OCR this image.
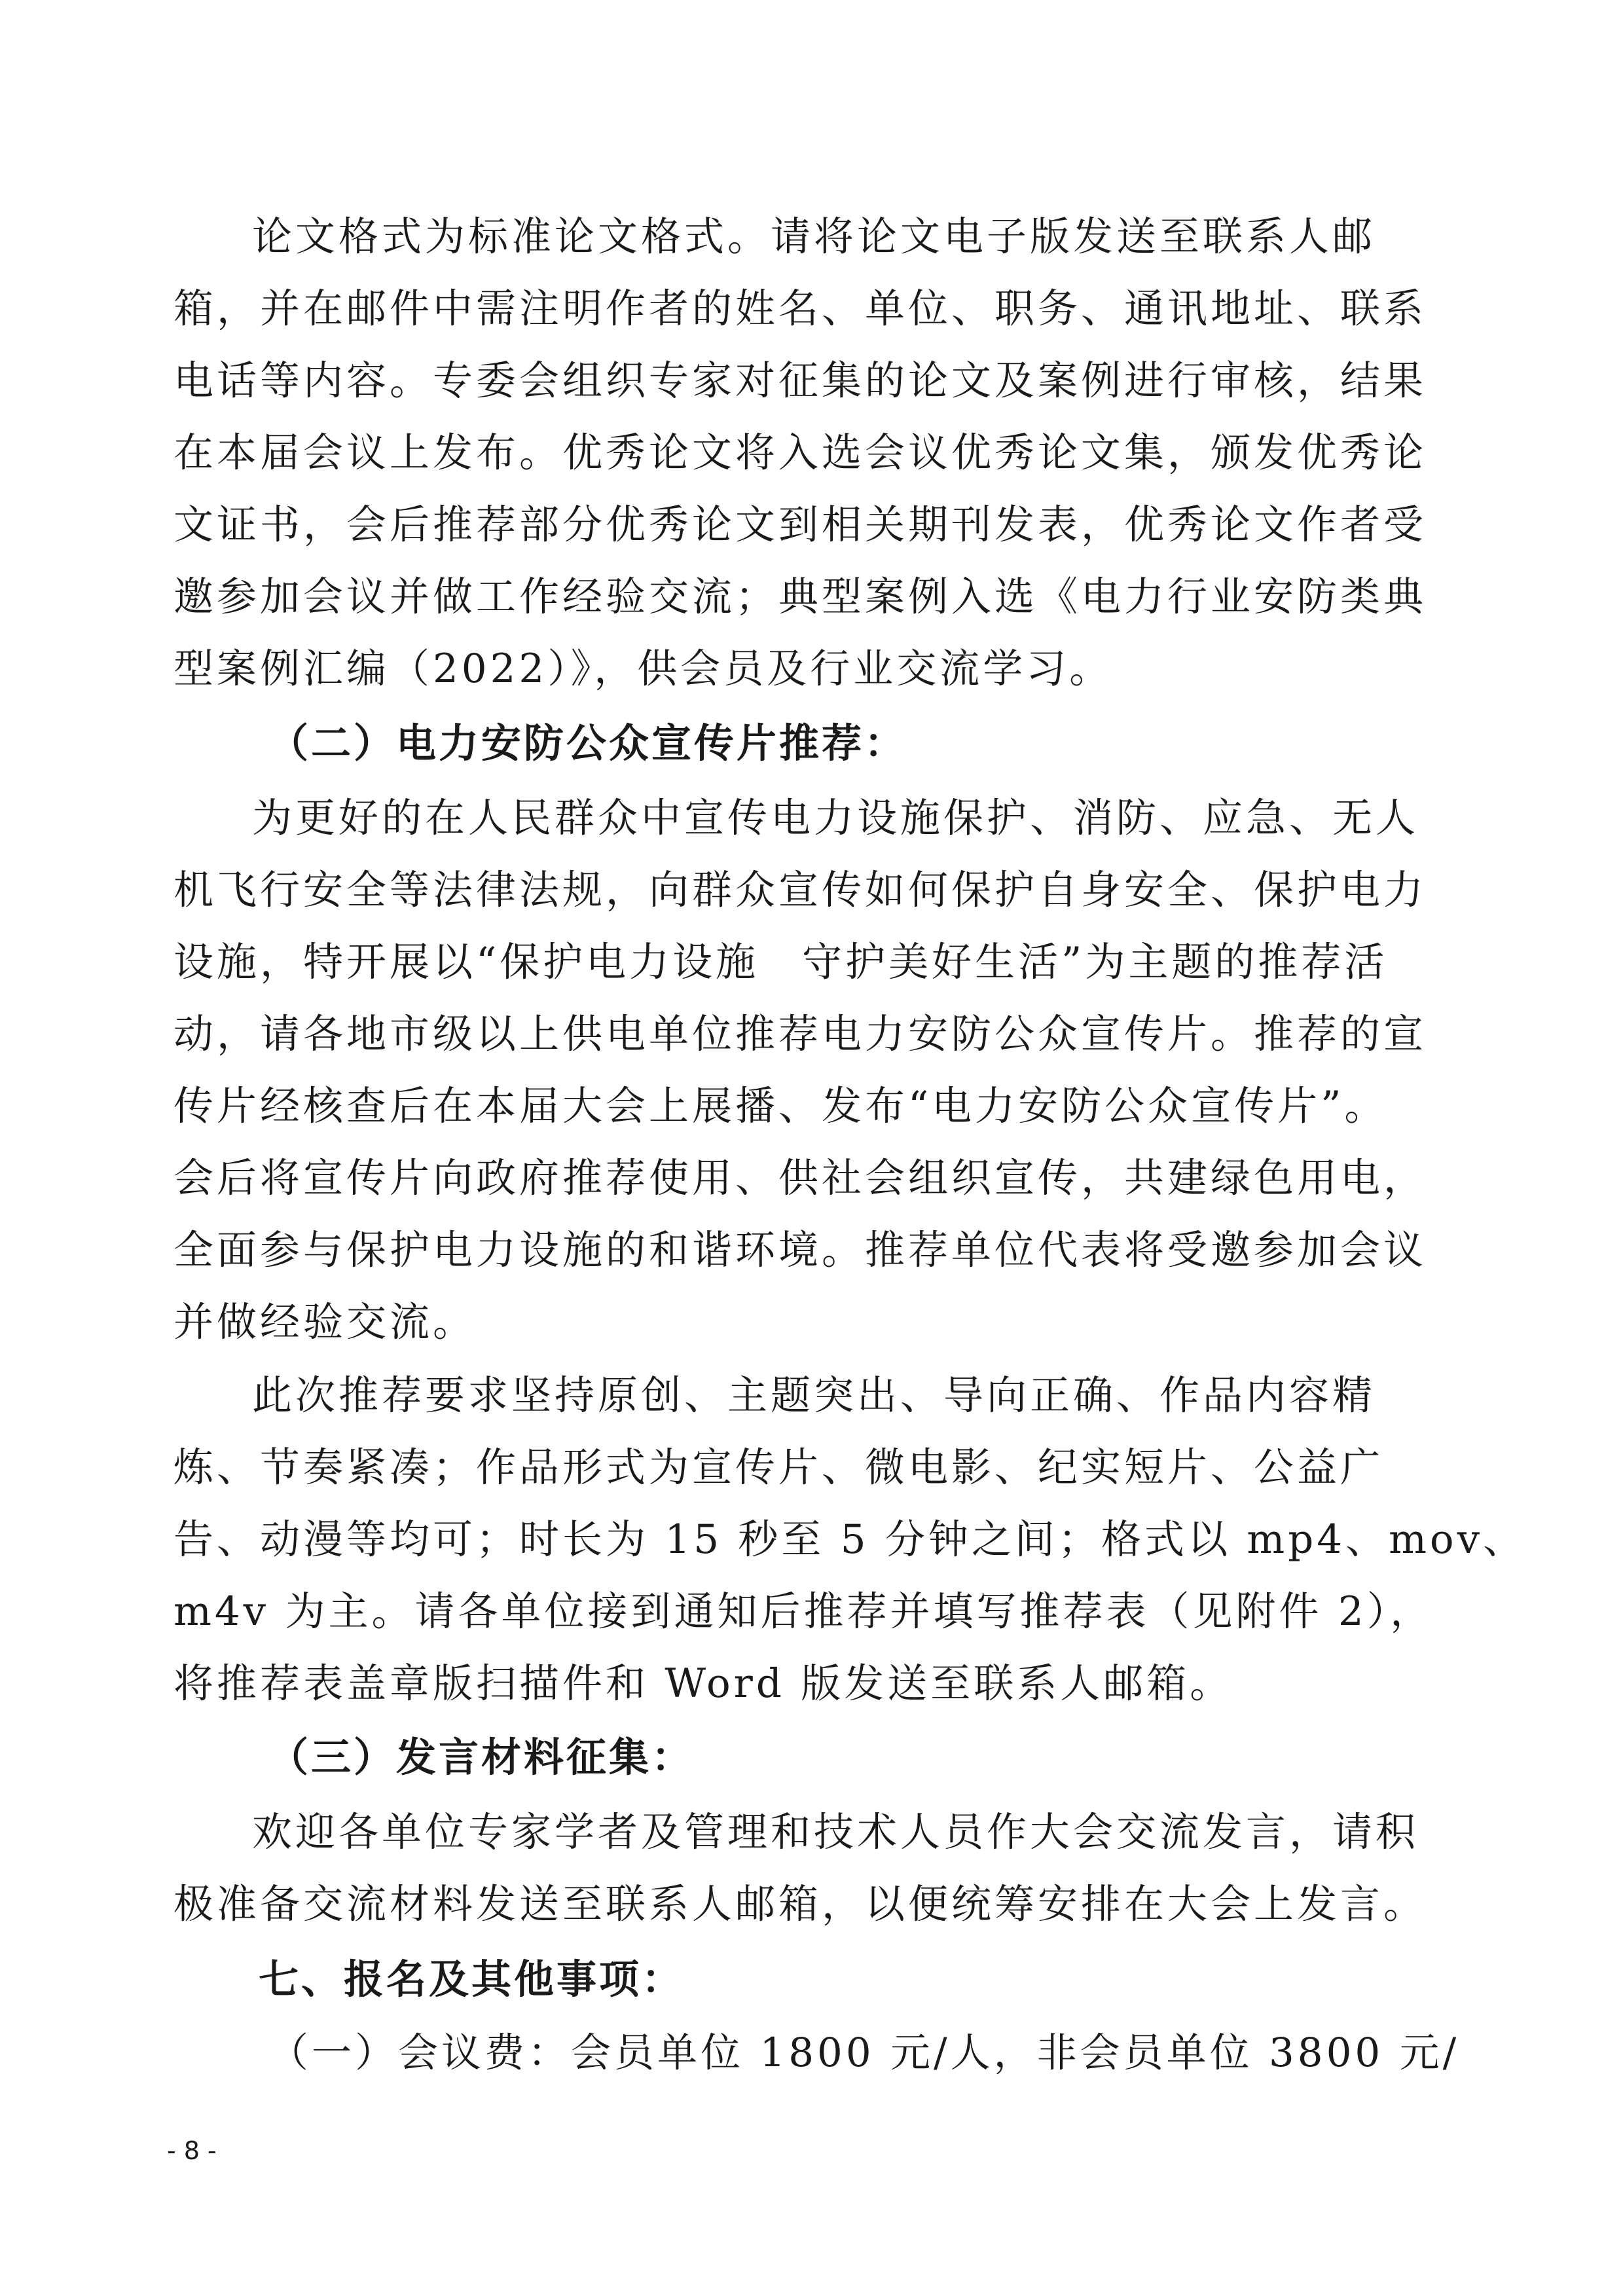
论文格式为标准论文格式。请将论文电子版发送至联系人邮
箱，并在邮件中需注明作者的姓名、单位、职务、通讯地址、联系
电话等内容。专委会组织专家对征集的论文及案例进行审核，结果
在本届会议上发布。优秀论文将入选会议优秀论文集，颁发优秀论
文证书，会后推荐部分优秀论文到相关期刊发表，优秀论文作者受
邀参加会议并做工作经验交流；典型案例入选《电力行业安防类典
型案例汇编（2022）》，供会员及行业交流学习。
（二）电力安防公众宣传片推荐：
为更好的在人民群众中宣传电力设施保护、消防、应急、无人
机飞行安全等法律法规，向群众宣传如何保护自身安全、保护电力
设施，特开展以“保护电力设施　守护美好生活”为主题的推荐活
动，请各地市级以上供电单位推荐电力安防公众宣传片。推荐的宣
传片经核查后在本届大会上展播、发布“电力安防公众宣传片”。
会后将宣传片向政府推荐使用、供社会组织宣传，共建绿色用电，
全面参与保护电力设施的和谐环境。推荐单位代表将受邀参加会议
并做经验交流。
此次推荐要求坚持原创、主题突出、导向正确、作品内容精
炼、节奏紧凑；作品形式为宣传片、微电影、纪实短片、公益广
告、动漫等均可；时长为 15 秒至 5 分钟之间；格式以 mp4、mov、
m4v 为主。请各单位接到通知后推荐并填写推荐表（见附件 2），
将推荐表盖章版扫描件和 Word 版发送至联系人邮箱。
（三）发言材料征集：
欢迎各单位专家学者及管理和技术人员作大会交流发言，请积
极准备交流材料发送至联系人邮箱，以便统筹安排在大会上发言。
七、报名及其他事项：
（一）会议费：会员单位 1800 元/人，非会员单位 3800 元/
- 8 -
